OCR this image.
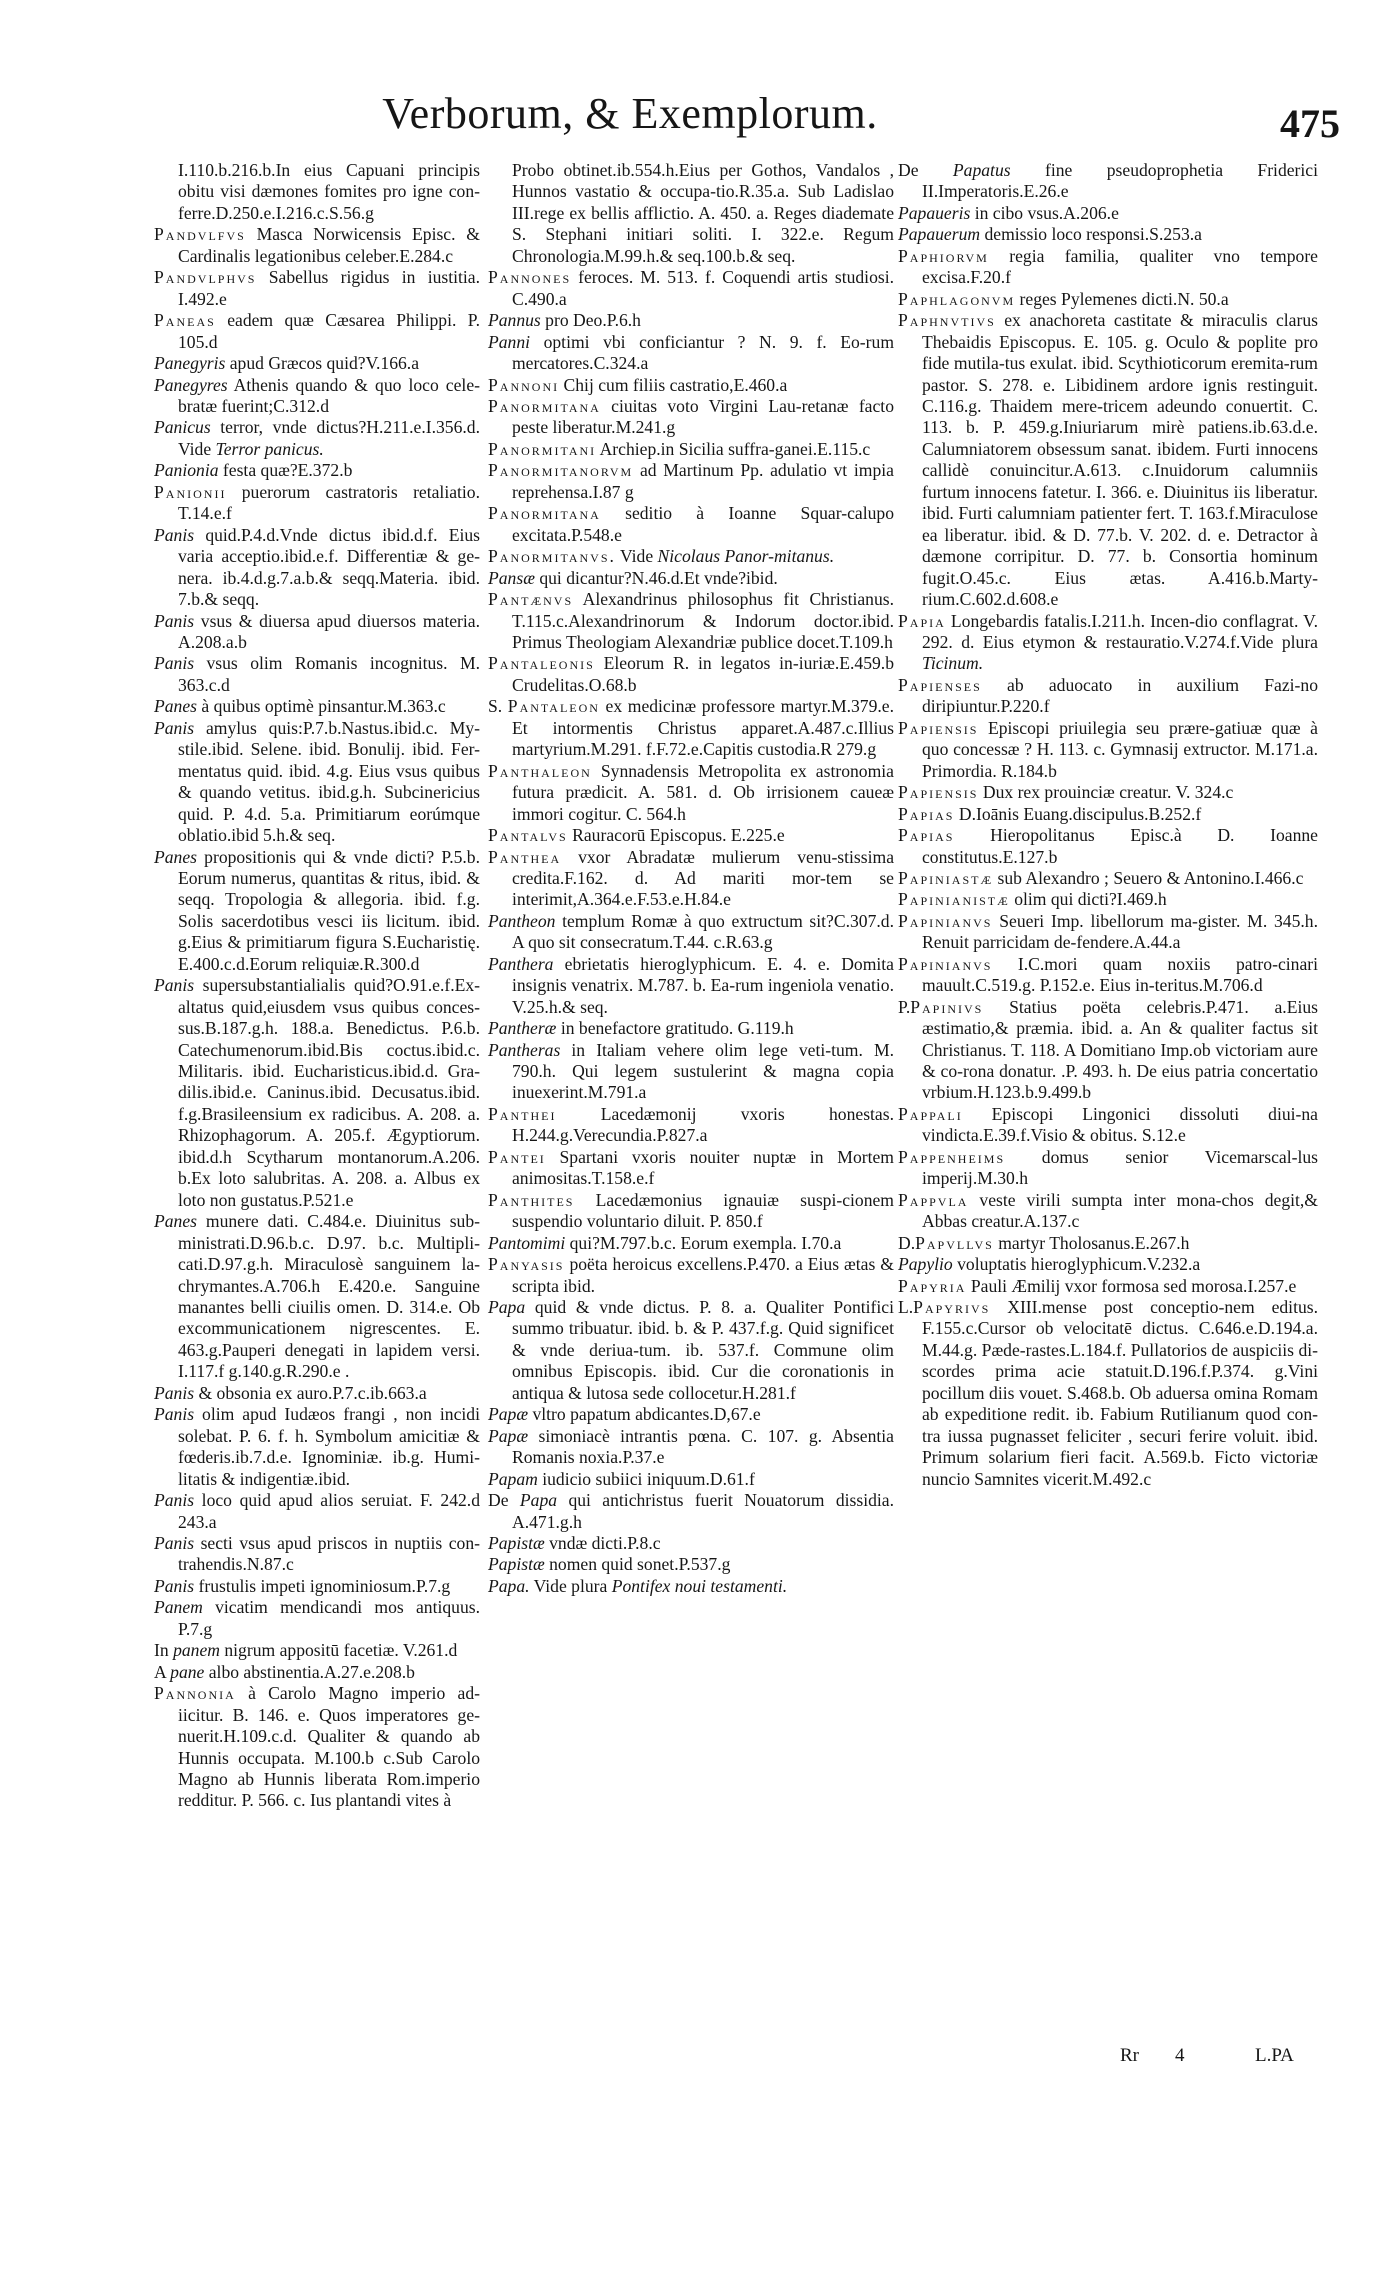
Verborum, & Exemplorum.	475

I.110.b.216.b.In eius Capuani principis obitu visi dæmones fomites pro igne con-ferre.D.250.e.I.216.c.S.56.g

Pandvlfvs Masca Norwicensis Episc. & Cardinalis legationibus celeber.E.284.c

Pandvlphvs Sabellus rigidus in iustitia. I.492.e

Paneas eadem quæ Cæsarea Philippi. P. 105.d

Panegyris apud Græcos quid?V.166.a

Panegyres Athenis quando & quo loco cele-bratæ fuerint;C.312.d

Panicus terror, vnde dictus?H.211.e.I.356.d. Vide Terror panicus.

Panionia festa quæ?E.372.b

Panionii puerorum castratoris retaliatio. T.14.e.f

Panis quid.P.4.d.Vnde dictus ibid.d.f. Eius varia acceptio.ibid.e.f. Differentiæ & ge-nera. ib.4.d.g.7.a.b.& seqq.Materia. ibid. 7.b.& seqq.

Panis vsus & diuersa apud diuersos materia. A.208.a.b

Panis vsus olim Romanis incognitus. M. 363.c.d

Panes à quibus optimè pinsantur.M.363.c

Panis amylus quis:P.7.b.Nastus.ibid.c. My-stile.ibid. Selene. ibid. Bonulij. ibid. Fer-mentatus quid. ibid. 4.g. Eius vsus quibus & quando vetitus. ibid.g.h. Subcinericius quid. P. 4.d. 5.a. Primitiarum eorúmque oblatio.ibid 5.h.& seq.

Panes propositionis qui & vnde dicti? P.5.b. Eorum numerus, quantitas & ritus, ibid. & seqq. Tropologia & allegoria. ibid. f.g. Solis sacerdotibus vesci iis licitum. ibid. g.Eius & primitiarum figura S.Eucharistię. E.400.c.d.Eorum reliquiæ.R.300.d

Panis supersubstantialialis quid?O.91.e.f.Ex-altatus quid,eiusdem vsus quibus conces-sus.B.187.g.h. 188.a. Benedictus. P.6.b. Catechumenorum.ibid.Bis coctus.ibid.c. Militaris. ibid. Eucharisticus.ibid.d. Gra-dilis.ibid.e. Caninus.ibid. Decusatus.ibid. f.g.Brasileensium ex radicibus. A. 208. a. Rhizophagorum. A. 205.f. Ægyptiorum. ibid.d.h Scytharum montanorum.A.206. b.Ex loto salubritas. A. 208. a. Albus ex loto non gustatus.P.521.e

Panes munere dati. C.484.e. Diuinitus sub-ministrati.D.96.b.c. D.97. b.c. Multipli-cati.D.97.g.h. Miraculosè sanguinem la-chrymantes.A.706.h E.420.e. Sanguine manantes belli ciuilis omen. D. 314.e. Ob excommunicationem nigrescentes. E. 463.g.Pauperi denegati in lapidem versi. I.117.f g.140.g.R.290.e .

Panis & obsonia ex auro.P.7.c.ib.663.a

Panis olim apud Iudæos frangi , non incidi solebat. P. 6. f. h. Symbolum amicitiæ & fœderis.ib.7.d.e. Ignominiæ. ib.g. Humi-litatis & indigentiæ.ibid.

Panis loco quid apud alios seruiat. F. 242.d 243.a

Panis secti vsus apud priscos in nuptiis con-trahendis.N.87.c

Panis frustulis impeti ignominiosum.P.7.g

Panem vicatim mendicandi mos antiquus. P.7.g

In panem nigrum appositū facetiæ. V.261.d

A pane albo abstinentia.A.27.e.208.b

Pannonia à Carolo Magno imperio ad-iicitur. B. 146. e. Quos imperatores ge-nuerit.H.109.c.d. Qualiter & quando ab Hunnis occupata. M.100.b c.Sub Carolo Magno ab Hunnis liberata Rom.imperio redditur. P. 566. c. Ius plantandi vites à

Probo obtinet.ib.554.h.Eius per Gothos, Vandalos , Hunnos vastatio & occupa-tio.R.35.a. Sub Ladislao III.rege ex bellis afflictio. A. 450. a. Reges diademate S. Stephani initiari soliti. I. 322.e. Regum Chronologia.M.99.h.& seq.100.b.& seq.

Pannones feroces. M. 513. f. Coquendi artis studiosi. C.490.a

Pannus pro Deo.P.6.h

Panni optimi vbi conficiantur ? N. 9. f. Eo-rum mercatores.C.324.a

Pannoni Chij cum filiis castratio,E.460.a

Panormitana ciuitas voto Virgini Lau-retanæ facto peste liberatur.M.241.g

Panormitani Archiep.in Sicilia suffra-ganei.E.115.c

Panormitanorvm ad Martinum Pp. adulatio vt impia reprehensa.I.87 g

Panormitana seditio à Ioanne Squar-calupo excitata.P.548.e

Panormitanvs. Vide Nicolaus Panor-mitanus.

Pansæ qui dicantur?N.46.d.Et vnde?ibid.

Pantænvs Alexandrinus philosophus fit Christianus. T.115.c.Alexandrinorum & Indorum doctor.ibid. Primus Theologiam Alexandriæ publice docet.T.109.h

Pantaleonis Eleorum R. in legatos in-iuriæ.E.459.b Crudelitas.O.68.b

S. Pantaleon ex medicinæ professore martyr.M.379.e. Et intormentis Christus apparet.A.487.c.Illius martyrium.M.291. f.F.72.e.Capitis custodia.R 279.g

Panthaleon Synnadensis Metropolita ex astronomia futura prædicit. A. 581. d. Ob irrisionem caueæ immori cogitur. C. 564.h

Pantalvs Rauracorū Episcopus. E.225.e

Panthea vxor Abradatæ mulierum venu-stissima credita.F.162. d. Ad mariti mor-tem se interimit,A.364.e.F.53.e.H.84.e

Pantheon templum Romæ à quo extructum sit?C.307.d. A quo sit consecratum.T.44. c.R.63.g

Panthera ebrietatis hieroglyphicum. E. 4. e. Domita insignis venatrix. M.787. b. Ea-rum ingeniola venatio. V.25.h.& seq.

Pantheræ in benefactore gratitudo. G.119.h

Pantheras in Italiam vehere olim lege veti-tum. M. 790.h. Qui legem sustulerint & magna copia inuexerint.M.791.a

Panthei Lacedæmonij vxoris honestas. H.244.g.Verecundia.P.827.a

Pantei Spartani vxoris nouiter nuptæ in Mortem animositas.T.158.e.f

Panthites Lacedæmonius ignauiæ suspi-cionem suspendio voluntario diluit. P. 850.f

Pantomimi qui?M.797.b.c. Eorum exempla. I.70.a

Panyasis poëta heroicus excellens.P.470. a Eius ætas & scripta ibid.

Papa quid & vnde dictus. P. 8. a. Qualiter Pontifici summo tribuatur. ibid. b. & P. 437.f.g. Quid significet & vnde deriua-tum. ib. 537.f. Commune olim omnibus Episcopis. ibid. Cur die coronationis in antiqua & lutosa sede collocetur.H.281.f

Papæ vltro papatum abdicantes.D,67.e

Papæ simoniacè intrantis pœna. C. 107. g. Absentia Romanis noxia.P.37.e

Papam iudicio subiici iniquum.D.61.f

De Papa qui antichristus fuerit Nouatorum dissidia. A.471.g.h

Papistæ vndæ dicti.P.8.c

Papistæ nomen quid sonet.P.537.g

Papa. Vide plura Pontifex noui testamenti.

De Papatus fine pseudoprophetia Friderici II.Imperatoris.E.26.e

Papaueris in cibo vsus.A.206.e

Papauerum demissio loco responsi.S.253.a

Paphiorvm regia familia, qualiter vno tempore excisa.F.20.f

Paphlagonvm reges Pylemenes dicti.N. 50.a

Paphnvtivs ex anachoreta castitate & miraculis clarus Thebaidis Episcopus. E. 105. g. Oculo & poplite pro fide mutila-tus exulat. ibid. Scythioticorum eremita-rum pastor. S. 278. e. Libidinem ardore ignis restinguit. C.116.g. Thaidem mere-tricem adeundo conuertit. C. 113. b. P. 459.g.Iniuriarum mirè patiens.ib.63.d.e. Calumniatorem obsessum sanat. ibidem. Furti innocens callidè conuincitur.A.613. c.Inuidorum calumniis furtum innocens fatetur. I. 366. e. Diuinitus iis liberatur. ibid. Furti calumniam patienter fert. T. 163.f.Miraculose ea liberatur. ibid. & D. 77.b. V. 202. d. e. Detractor à dæmone corripitur. D. 77. b. Consortia hominum fugit.O.45.c. Eius ætas. A.416.b.Marty-rium.C.602.d.608.e

Papia Longebardis fatalis.I.211.h. Incen-dio conflagrat. V. 292. d. Eius etymon & restauratio.V.274.f.Vide plura Ticinum.

Papienses ab aduocato in auxilium Fazi-no diripiuntur.P.220.f

Papiensis Episcopi priuilegia seu prære-gatiuæ quæ à quo concessæ ? H. 113. c. Gymnasij extructor. M.171.a. Primordia. R.184.b

Papiensis Dux rex prouinciæ creatur. V. 324.c

Papias D.Ioānis Euang.discipulus.B.252.f

Papias Hieropolitanus Episc.à D. Ioanne constitutus.E.127.b

Papiniastæ sub Alexandro ; Seuero & Antonino.I.466.c

Papinianistæ olim qui dicti?I.469.h

Papinianvs Seueri Imp. libellorum ma-gister. M. 345.h. Renuit parricidam de-fendere.A.44.a

Papinianvs I.C.mori quam noxiis patro-cinari mauult.C.519.g. P.152.e. Eius in-teritus.M.706.d

P.Papinivs Statius poëta celebris.P.471. a.Eius æstimatio,& præmia. ibid. a. An & qualiter factus sit Christianus. T. 118. A Domitiano Imp.ob victoriam aure & co-rona donatur. .P. 493. h. De eius patria concertatio vrbium.H.123.b.9.499.b

Pappali Episcopi Lingonici dissoluti diui-na vindicta.E.39.f.Visio & obitus. S.12.e

Pappenheims domus senior Vicemarscal-lus imperij.M.30.h

Pappvla veste virili sumpta inter mona-chos degit,& Abbas creatur.A.137.c

D.Papvllvs martyr Tholosanus.E.267.h

Papylio voluptatis hieroglyphicum.V.232.a

Papyria Pauli Æmilij vxor formosa sed morosa.I.257.e

L.Papyrivs XIII.mense post conceptio-nem editus. F.155.c.Cursor ob velocitatē dictus. C.646.e.D.194.a. M.44.g. Pæde-rastes.L.184.f. Pullatorios de auspiciis di-scordes prima acie statuit.D.196.f.P.374. g.Vini pocillum diis vouet. S.468.b. Ob aduersa omina Romam ab expeditione redit. ib. Fabium Rutilianum quod con-tra iussa pugnasset feliciter , securi ferire voluit. ibid. Primum solarium fieri facit. A.569.b. Ficto victoriæ nuncio Samnites vicerit.M.492.c

Rr 4	L.PA
